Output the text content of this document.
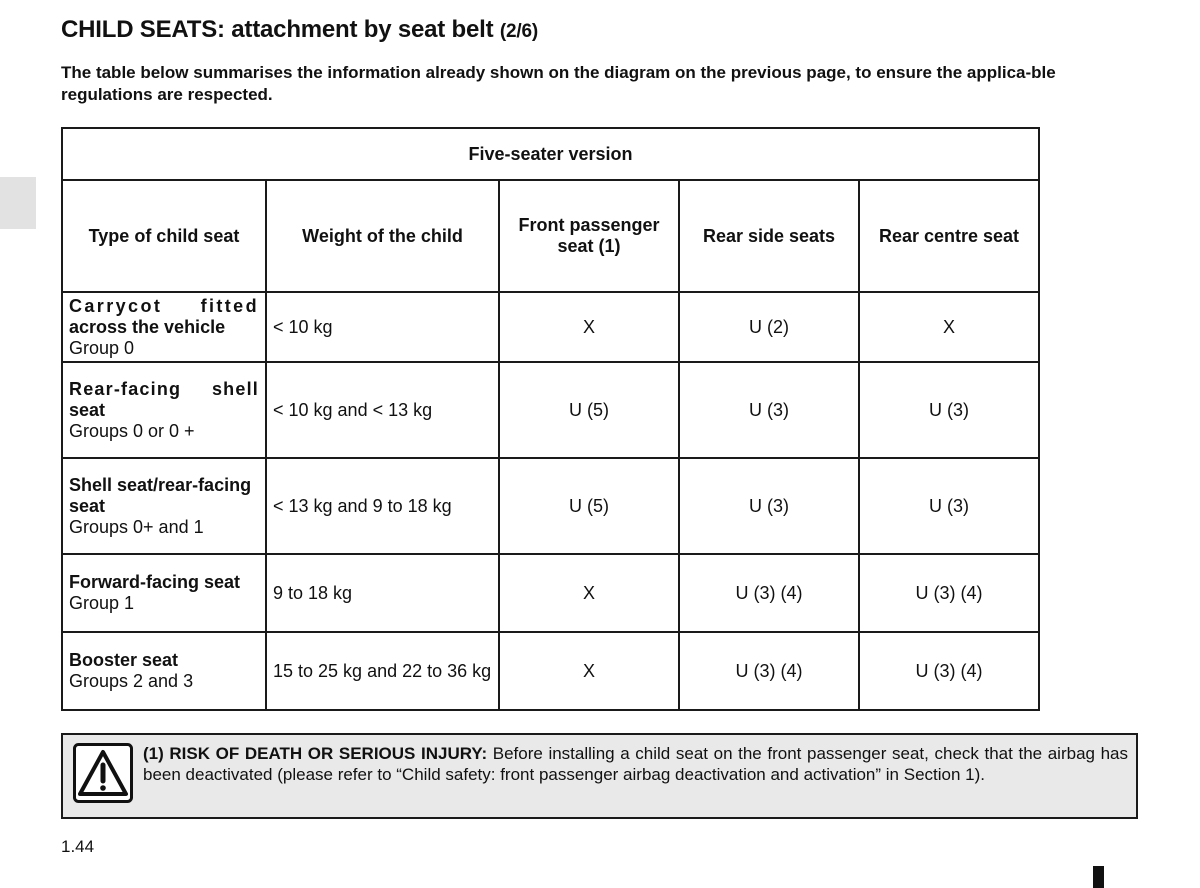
CHILD SEATS: attachment by seat belt (2/6)

The table below summarises the information already shown on the diagram on the previous page, to ensure the applica-ble regulations are respected.

Five-seater version				
Type of child seat	Weight of the child	Front passenger seat (1)	Rear side seats	Rear centre seat

Carrycot fitted
across the vehicle
Group 0	< 10 kg	X	U (2)	X

Rear-facing shell
seat
Groups 0 or 0 +	< 10 kg and < 13 kg	U (5)	U (3)	U (3)

Shell seat/rear-facing
seat
Groups 0+ and 1	< 13 kg and 9 to 18 kg	U (5)	U (3)	U (3)

Forward-facing seat
Group 1	9 to 18 kg	X	U (3) (4)	U (3) (4)

Booster seat
Groups 2 and 3	15 to 25 kg and 22 to 36 kg	X	U (3) (4)	U (3) (4)

(1) RISK OF DEATH OR SERIOUS INJURY: Before installing a child seat on the front passenger seat, check that the airbag has been deactivated (please refer to “Child safety: front passenger airbag deactivation and activation” in Section 1).

1.44
